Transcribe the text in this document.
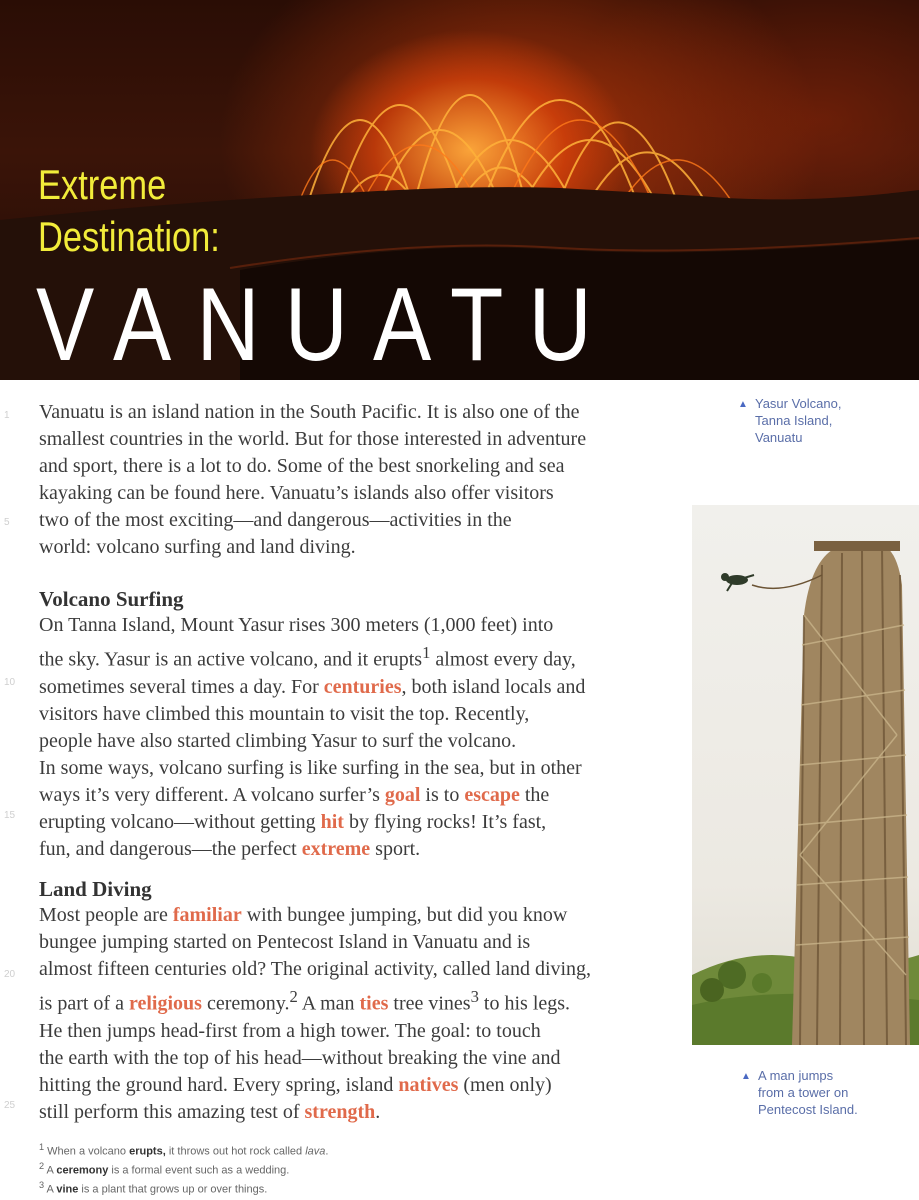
Extreme
Destination:
VANUATU
1
5
10
15
20
25

Vanuatu is an island nation in the South Pacific. It is also one of the

smallest countries in the world. But for those interested in adventure

and sport, there is a lot to do. Some of the best snorkeling and sea

kayaking can be found here. Vanuatu’s islands also offer visitors

two of the most exciting—and dangerous—activities in the

world: volcano surfing and land diving.

Volcano Surfing

On Tanna Island, Mount Yasur rises 300 meters (1,000 feet) into

the sky. Yasur is an active volcano, and it erupts$^1$ almost every day,

sometimes several times a day. For centuries, both island locals and

visitors have climbed this mountain to visit the top. Recently,

people have also started climbing Yasur to surf the volcano.

In some ways, volcano surfing is like surfing in the sea, but in other

ways it’s very different. A volcano surfer’s goal is to escape the

erupting volcano—without getting hit by flying rocks! It’s fast,

fun, and dangerous—the perfect extreme sport.

Land Diving

Most people are familiar with bungee jumping, but did you know

bungee jumping started on Pentecost Island in Vanuatu and is

almost fifteen centuries old? The original activity, called land diving,

is part of a religious ceremony.$^2$ A man ties tree vines$^3$ to his legs.

He then jumps head-first from a high tower. The goal: to touch

the earth with the top of his head—without breaking the vine and

hitting the ground hard. Every spring, island natives (men only)

still perform this amazing test of strength.

▲ Yasur Volcano,
Tanna Island,
Vanuatu
▲ A man jumps
from a tower on
Pentecost Island.
$^1$ When a volcano erupts, it throws out hot rock called lava.
$^2$ A ceremony is a formal event such as a wedding.
$^3$ A vine is a plant that grows up or over things.
